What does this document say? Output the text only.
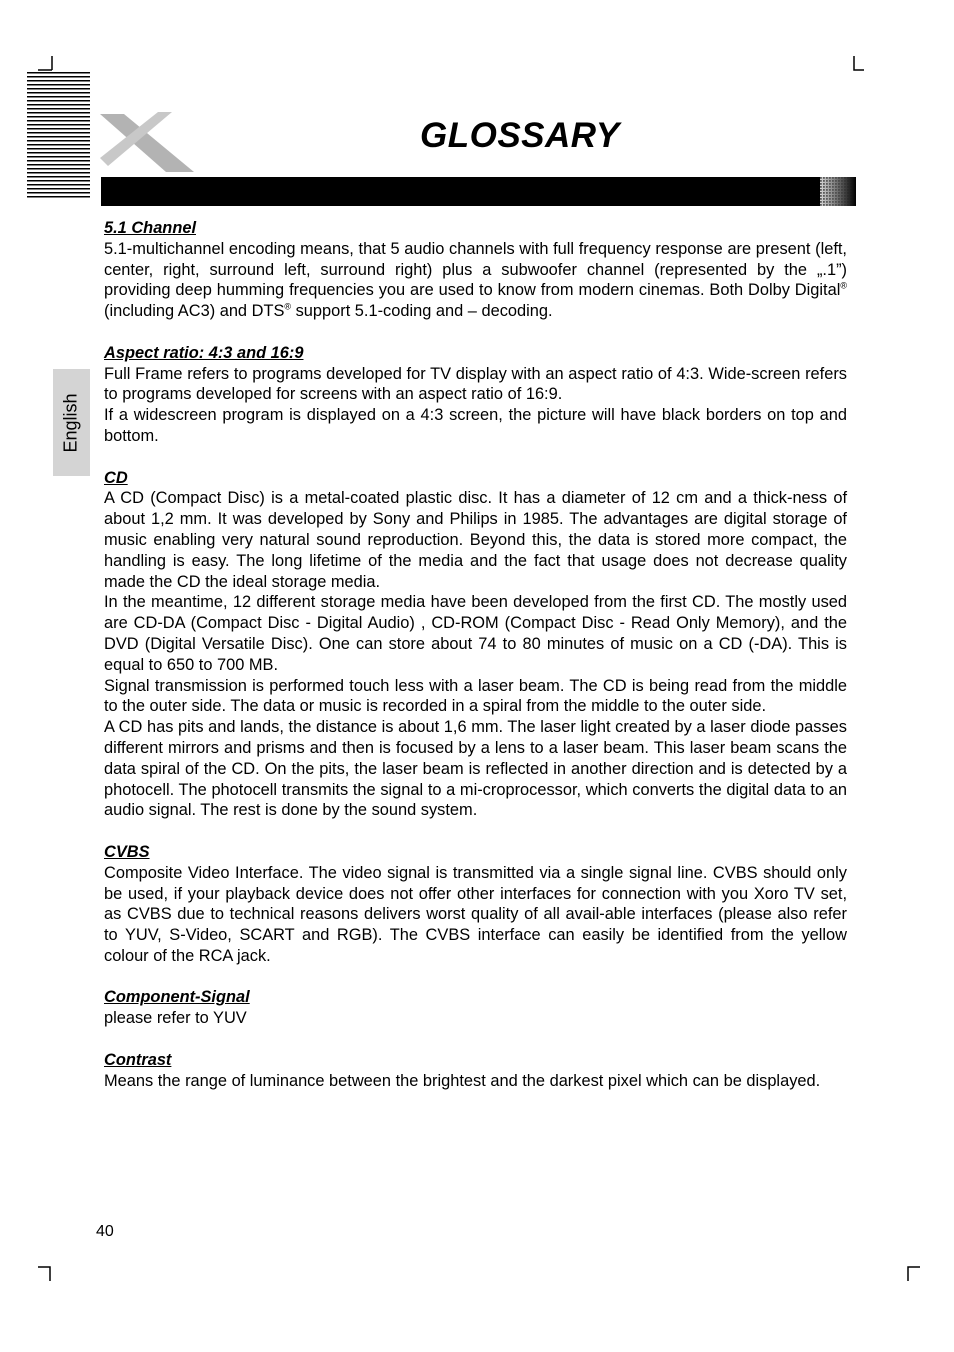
GLOSSARY
English

5.1 Channel

5.1-multichannel encoding means, that 5 audio channels with full frequency response are present (left, center, right, surround left, surround right) plus a subwoofer channel (represented by the „.1”) providing deep humming frequencies you are used to know from modern cinemas. Both Dolby Digital® (including AC3) and DTS® support 5.1-coding and – decoding.

Aspect ratio: 4:3 and 16:9

Full Frame refers to programs developed for TV display with an aspect ratio of 4:3. Wide-screen refers to programs developed for screens with an aspect ratio of 16:9.

If a widescreen program is displayed on a 4:3 screen, the picture will have black borders on top and bottom.

CD

A CD (Compact Disc) is a metal-coated plastic disc. It has a diameter of 12 cm and a thick-ness of about 1,2 mm. It was developed by Sony and Philips in 1985. The advantages are digital storage of music enabling very natural sound reproduction. Beyond this, the data is stored more compact, the handling is easy. The long lifetime of the media and the fact that usage does not decrease quality made the CD the ideal storage media.

In the meantime, 12 different storage media have been developed from the first CD. The mostly used are CD-DA (Compact Disc - Digital Audio) , CD-ROM (Compact Disc - Read Only Memory), and the DVD (Digital Versatile Disc). One can store about 74 to 80 minutes of music on a CD (-DA). This is equal to 650 to 700 MB.

Signal transmission is performed touch less with a laser beam. The CD is being read from the middle to the outer side. The data or music is recorded in a spiral from the middle to the outer side.

A CD has pits and lands, the distance is about 1,6 mm. The laser light created by a laser diode passes different mirrors and prisms and then is focused by a lens to a laser beam. This laser beam scans the data spiral of the CD. On the pits, the laser beam is reflected in another direction and is detected by a photocell. The photocell transmits the signal to a mi-croprocessor, which converts the digital data to an audio signal. The rest is done by the sound system.

CVBS

Composite Video Interface. The video signal is transmitted via a single signal line. CVBS should only be used, if your playback device does not offer other interfaces for connection with you Xoro TV set, as CVBS due to technical reasons delivers worst quality of all avail-able interfaces (please also refer to YUV, S-Video, SCART and RGB). The CVBS interface can easily be identified from the yellow colour of the RCA jack.

Component-Signal

please refer to YUV

Contrast

Means the range of luminance between the brightest and the darkest pixel which can be displayed.

40
